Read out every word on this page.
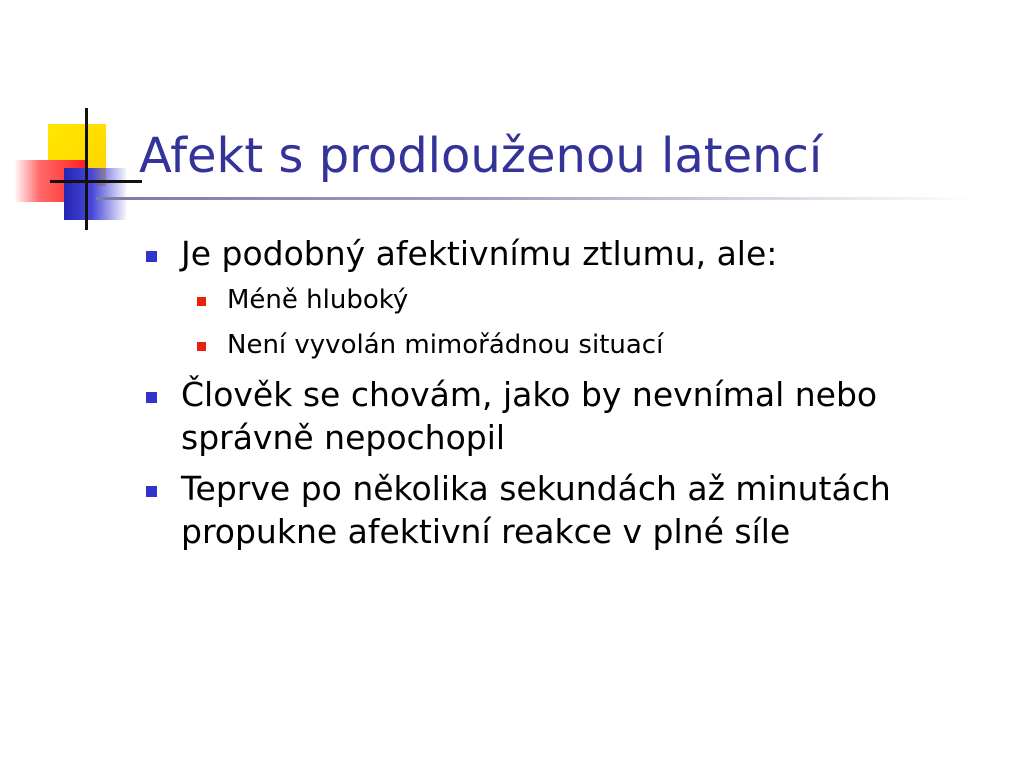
Afekt s prodlouženou latencí
Je podobný afektivnímu ztlumu, ale:
Méně hluboký
Není vyvolán mimořádnou situací
Člověk se chovám, jako by nevnímal nebo správně nepochopil
Teprve po několika sekundách až minutách propukne afektivní reakce v plné síle
